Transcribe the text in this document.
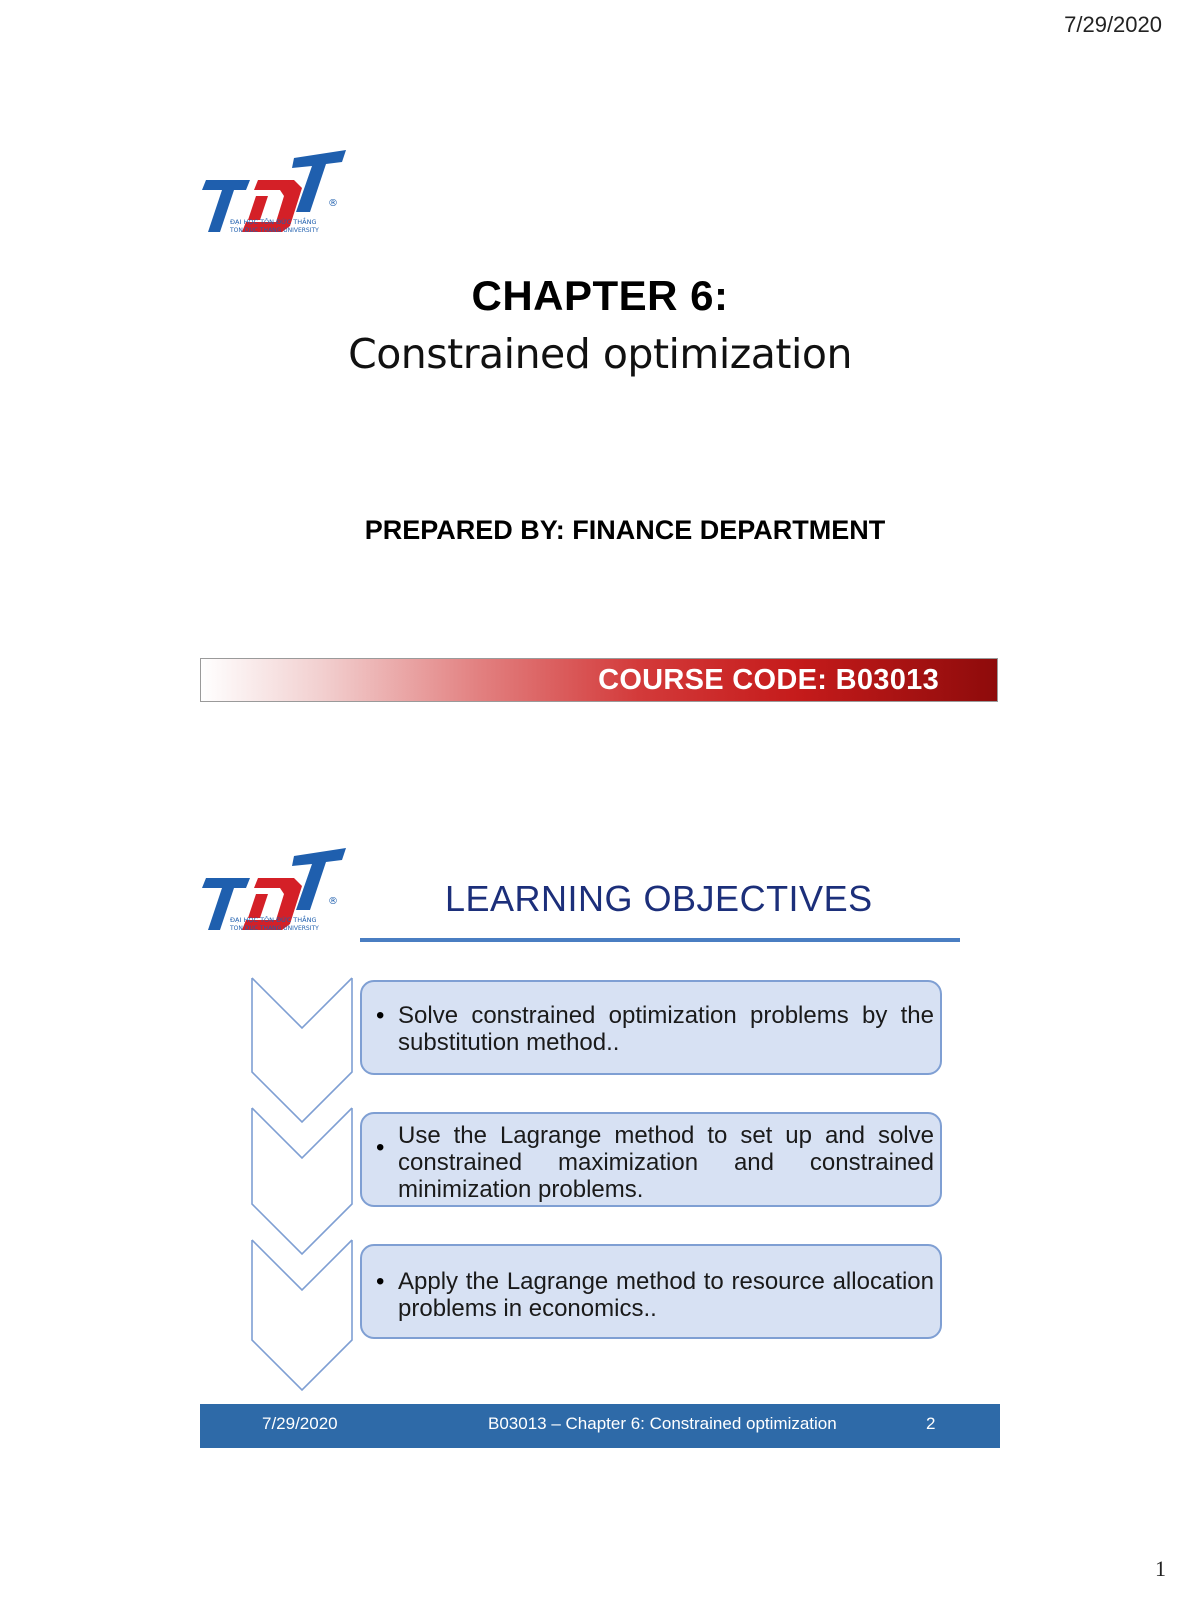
7/29/2020
®
ĐẠI HỌC TÔN ĐỨC THẮNG
TON DUC THANG UNIVERSITY
CHAPTER 6:
Constrained optimization
PREPARED BY: FINANCE DEPARTMENT
COURSE CODE: B03013
®
ĐẠI HỌC TÔN ĐỨC THẮNG
TON DUC THANG UNIVERSITY
LEARNING OBJECTIVES
• Solve constrained optimization problems by the substitution method..
• Use the Lagrange method to set up and solve constrained maximization and constrained minimization problems.
• Apply the Lagrange method to resource allocation problems in economics..
7/29/2020	B03013 – Chapter 6: Constrained optimization	2
1
